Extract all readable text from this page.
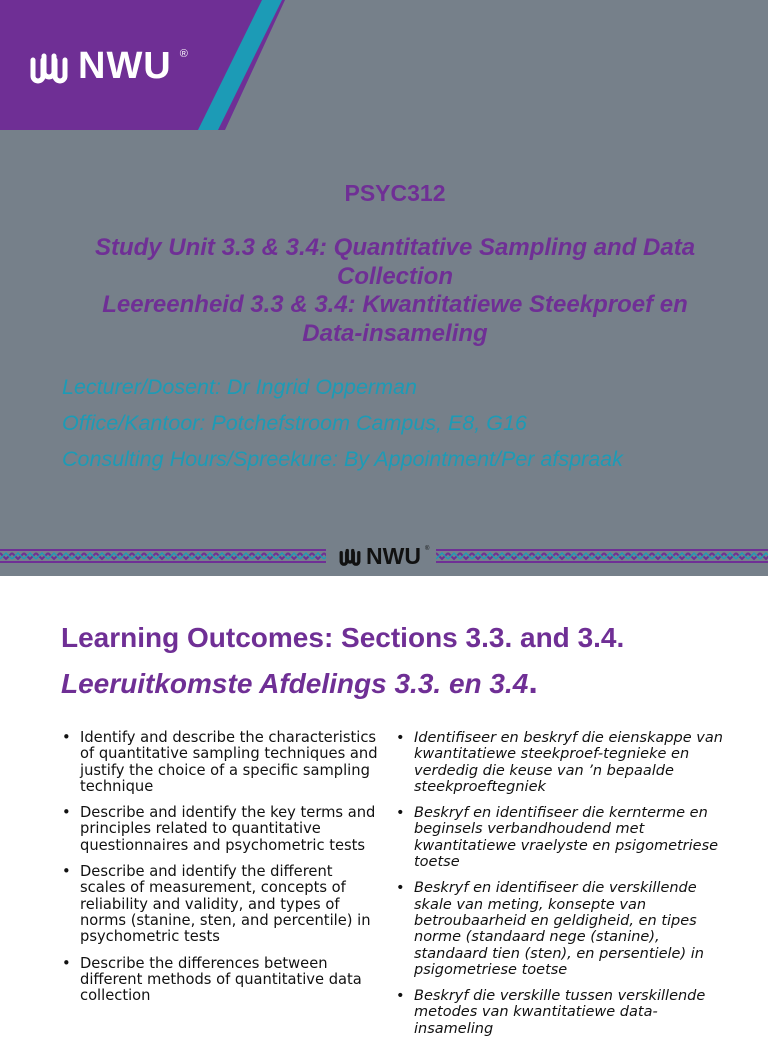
NWU ®
PSYC312
Study Unit 3.3 & 3.4: Quantitative Sampling and Data
Collection
Leereenheid 3.3 & 3.4: Kwantitatiewe Steekproef en
Data-insameling
Lecturer/Dosent: Dr Ingrid Opperman
Office/Kantoor: Potchefstroom Campus, E8, G16
Consulting Hours/Spreekure: By Appointment/Per afspraak
NWU ®
Learning Outcomes: Sections 3.3. and 3.4.
Leeruitkomste Afdelings 3.3. en 3.4.
• Identify and describe the characteristics of quantitative sampling techniques and justify the choice of a specific sampling technique
• Describe and identify the key terms and principles related to quantitative questionnaires and psychometric tests
• Describe and identify the different scales of measurement, concepts of reliability and validity, and types of norms (stanine, sten, and percentile) in psychometric tests
• Describe the differences between different methods of quantitative data collection
• Identifiseer en beskryf die eienskappe van kwantitatiewe steekproef-tegnieke en verdedig die keuse van ’n bepaalde steekproeftegniek
• Beskryf en identifiseer die kernterme en beginsels verbandhoudend met kwantitatiewe vraelyste en psigometriese toetse
• Beskryf en identifiseer die verskillende skale van meting, konsepte van betroubaarheid en geldigheid, en tipes norme (standaard nege (stanine), standaard tien (sten), en persentiele) in psigometriese toetse
• Beskryf die verskille tussen verskillende metodes van kwantitatiewe data-insameling
